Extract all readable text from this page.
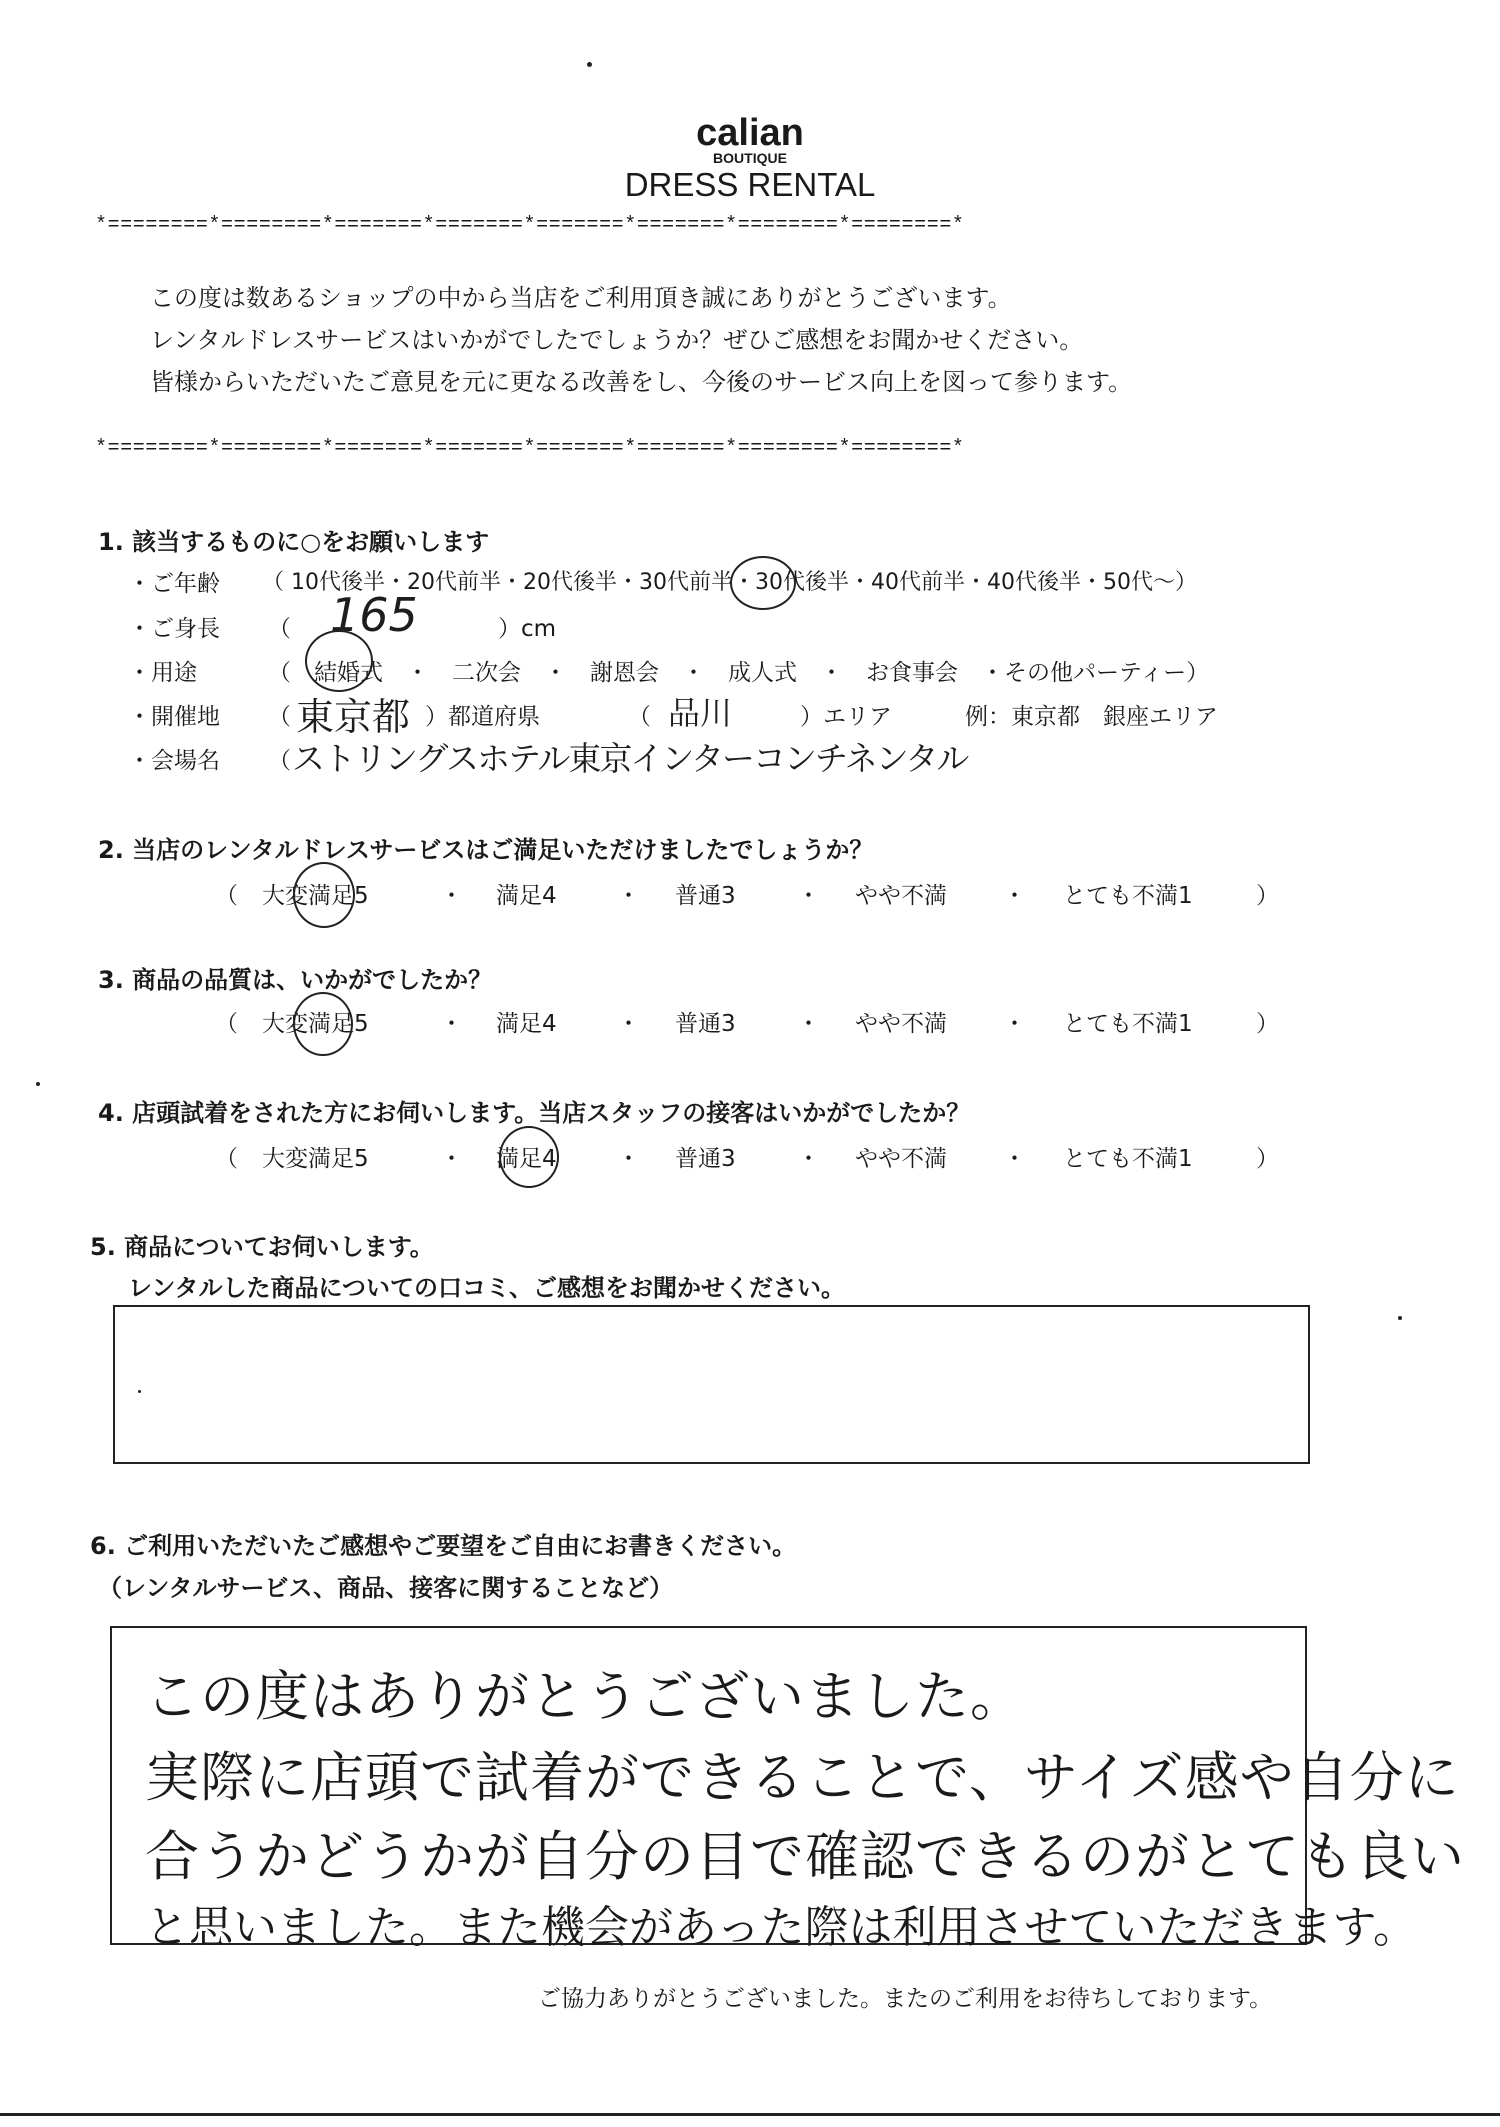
calian
BOUTIQUE
DRESS RENTAL
*========*========*=======*=======*=======*=======*========*========*
この度は数あるショップの中から当店をご利用頂き誠にありがとうございます。
レンタルドレスサービスはいかがでしたでしょうか？ぜひご感想をお聞かせください。
皆様からいただいたご意見を元に更なる改善をし、今後のサービス向上を図って参ります。
*========*========*=======*=======*=======*=======*========*========*
1. 該当するものに○をお願いします
・ご年齢 （ 10代後半・20代前半・20代後半・30代前半・30代後半・40代前半・40代後半・50代～）
・ご身長 （ 165	）cm
・用途	（　結婚式　・　二次会　・　謝恩会　・　成人式　・　お食事会　・その他パーティー）
・開催地 （ 東京都 ）都道府県	（ 品川	）エリア	例：東京都　銀座エリア
・会場名 （ ストリングスホテル東京インターコンチネンタル
2. 当店のレンタルドレスサービスはご満足いただけましたでしょうか？
（ 大変満足5	・ 満足4	・ 普通3	・ やや不満 ・ とても不満1	）
3. 商品の品質は、いかがでしたか？
（ 大変満足5	・ 満足4	・ 普通3	・ やや不満 ・ とても不満1	）
4. 店頭試着をされた方にお伺いします。当店スタッフの接客はいかがでしたか？
（ 大変満足5	・ 満足4	・ 普通3	・ やや不満 ・ とても不満1	）
5. 商品についてお伺いします。
レンタルした商品についての口コミ、ご感想をお聞かせください。
6. ご利用いただいたご感想やご要望をご自由にお書きください。
（レンタルサービス、商品、接客に関することなど）
この度はありがとうございました。
実際に店頭で試着ができることで、サイズ感や自分に
合うかどうかが自分の目で確認できるのがとても良い
と思いました。また機会があった際は利用させていただきます。
ご協力ありがとうございました。またのご利用をお待ちしております。
